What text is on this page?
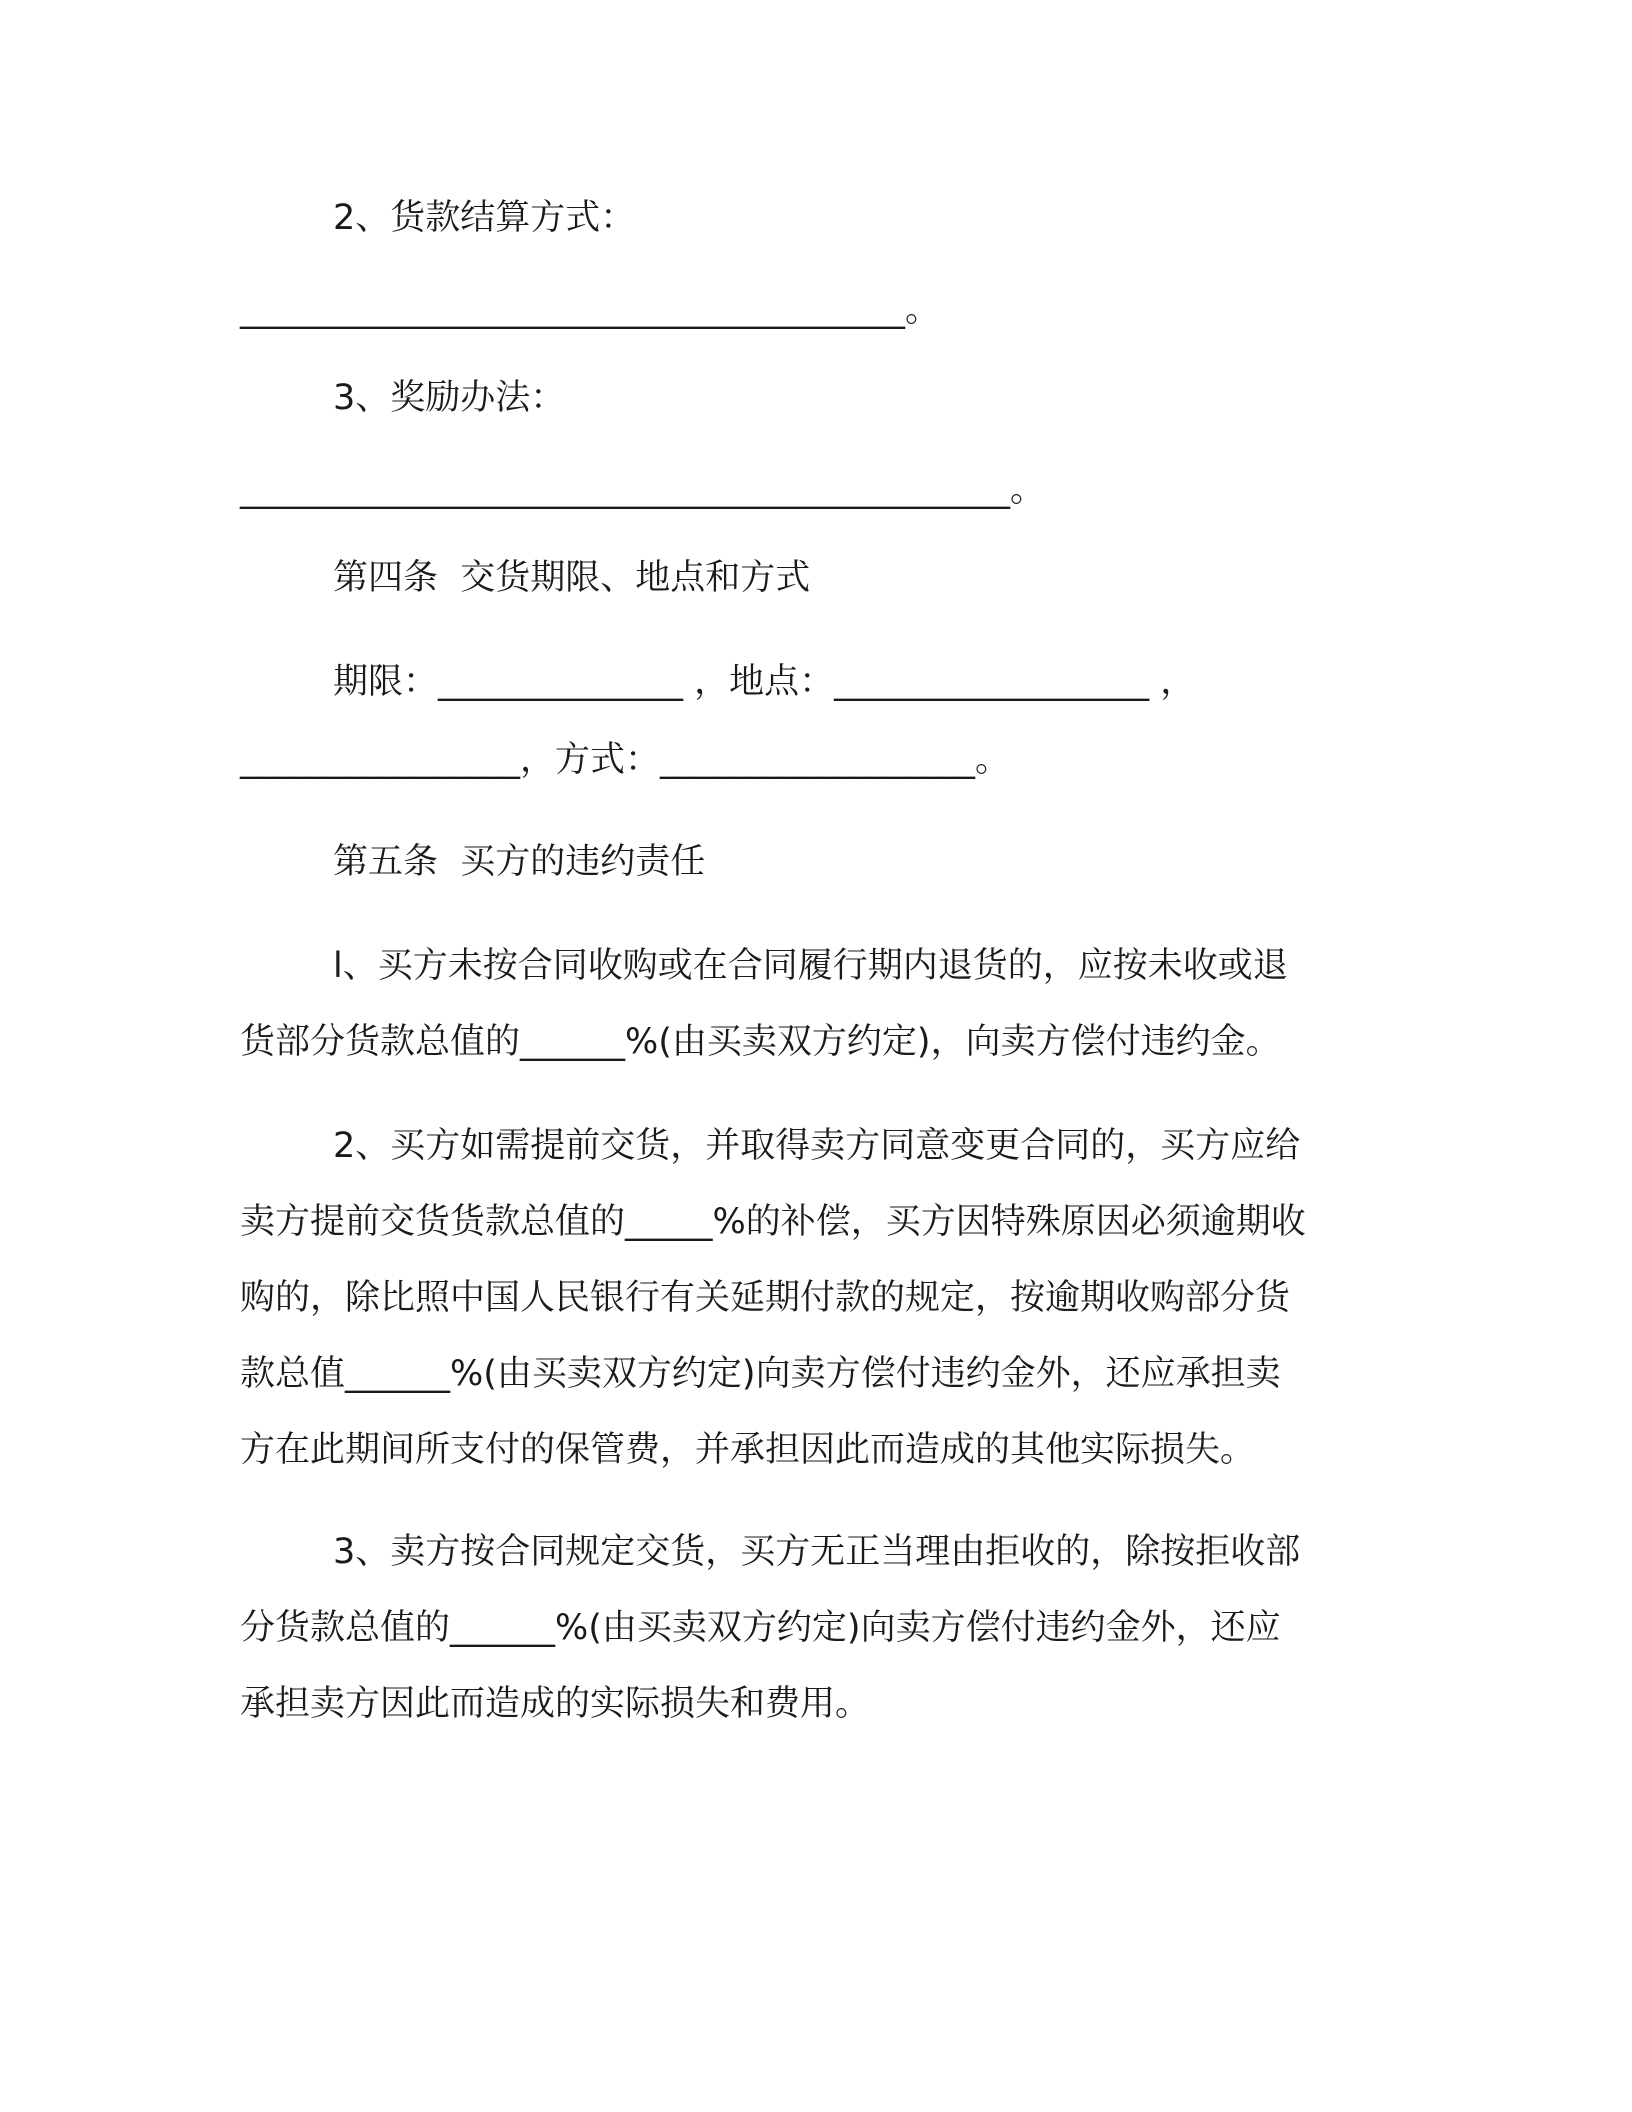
2、货款结算方式：
______________________________________。
3、奖励办法：
____________________________________________。
第四条  交货期限、地点和方式
期限：______________ ，地点：__________________ ，
________________，方式：__________________。
第五条  买方的违约责任
l、买方未按合同收购或在合同履行期内退货的，应按未收或退
货部分货款总值的______%(由买卖双方约定)，向卖方偿付违约金。
2、买方如需提前交货，并取得卖方同意变更合同的，买方应给
卖方提前交货货款总值的_____%的补偿，买方因特殊原因必须逾期收
购的，除比照中国人民银行有关延期付款的规定，按逾期收购部分货
款总值______%(由买卖双方约定)向卖方偿付违约金外，还应承担卖
方在此期间所支付的保管费，并承担因此而造成的其他实际损失。
3、卖方按合同规定交货，买方无正当理由拒收的，除按拒收部
分货款总值的______%(由买卖双方约定)向卖方偿付违约金外，还应
承担卖方因此而造成的实际损失和费用。
